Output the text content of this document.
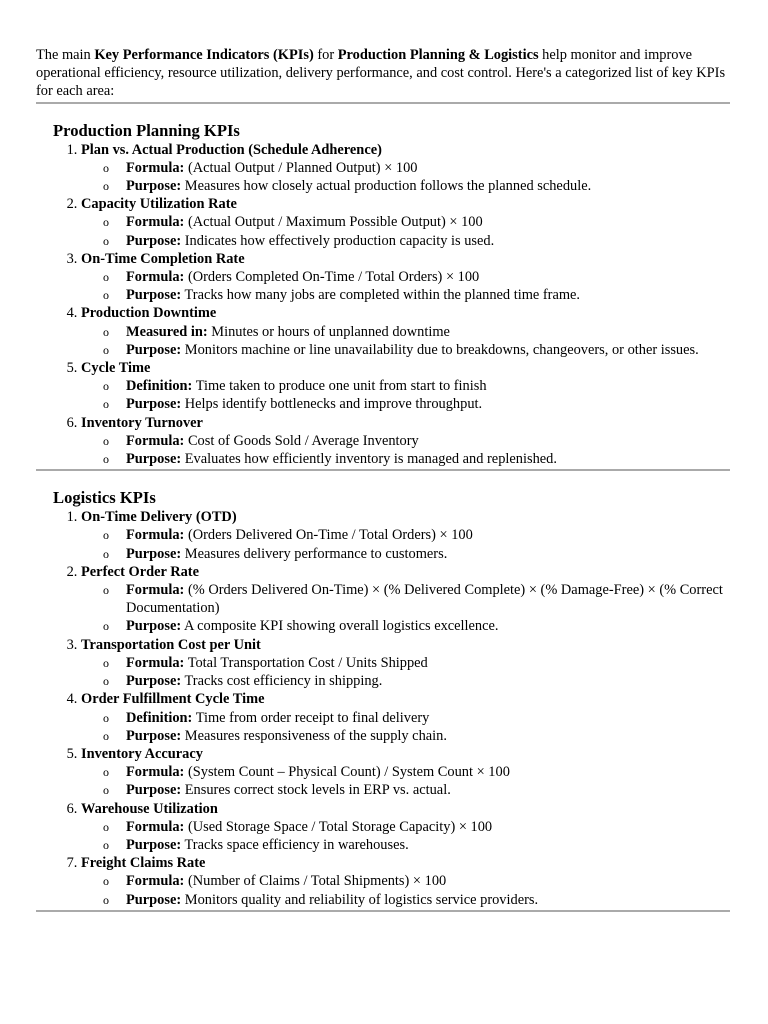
The main Key Performance Indicators (KPIs) for Production Planning & Logistics help monitor and improve operational efficiency, resource utilization, delivery performance, and cost control. Here's a categorized list of key KPIs for each area:

Production Planning KPIs
1. Plan vs. Actual Production (Schedule Adherence)
o Formula: (Actual Output / Planned Output) × 100
o Purpose: Measures how closely actual production follows the planned schedule.
2. Capacity Utilization Rate
o Formula: (Actual Output / Maximum Possible Output) × 100
o Purpose: Indicates how effectively production capacity is used.
3. On-Time Completion Rate
o Formula: (Orders Completed On-Time / Total Orders) × 100
o Purpose: Tracks how many jobs are completed within the planned time frame.
4. Production Downtime
o Measured in: Minutes or hours of unplanned downtime
o Purpose: Monitors machine or line unavailability due to breakdowns, changeovers, or other issues.
5. Cycle Time
o Definition: Time taken to produce one unit from start to finish
o Purpose: Helps identify bottlenecks and improve throughput.
6. Inventory Turnover
o Formula: Cost of Goods Sold / Average Inventory
o Purpose: Evaluates how efficiently inventory is managed and replenished.
Logistics KPIs
1. On-Time Delivery (OTD)
o Formula: (Orders Delivered On-Time / Total Orders) × 100
o Purpose: Measures delivery performance to customers.
2. Perfect Order Rate
o Formula: (% Orders Delivered On-Time) × (% Delivered Complete) × (% Damage-Free) × (% Correct Documentation)
o Purpose: A composite KPI showing overall logistics excellence.
3. Transportation Cost per Unit
o Formula: Total Transportation Cost / Units Shipped
o Purpose: Tracks cost efficiency in shipping.
4. Order Fulfillment Cycle Time
o Definition: Time from order receipt to final delivery
o Purpose: Measures responsiveness of the supply chain.
5. Inventory Accuracy
o Formula: (System Count – Physical Count) / System Count × 100
o Purpose: Ensures correct stock levels in ERP vs. actual.
6. Warehouse Utilization
o Formula: (Used Storage Space / Total Storage Capacity) × 100
o Purpose: Tracks space efficiency in warehouses.
7. Freight Claims Rate
o Formula: (Number of Claims / Total Shipments) × 100
o Purpose: Monitors quality and reliability of logistics service providers.
